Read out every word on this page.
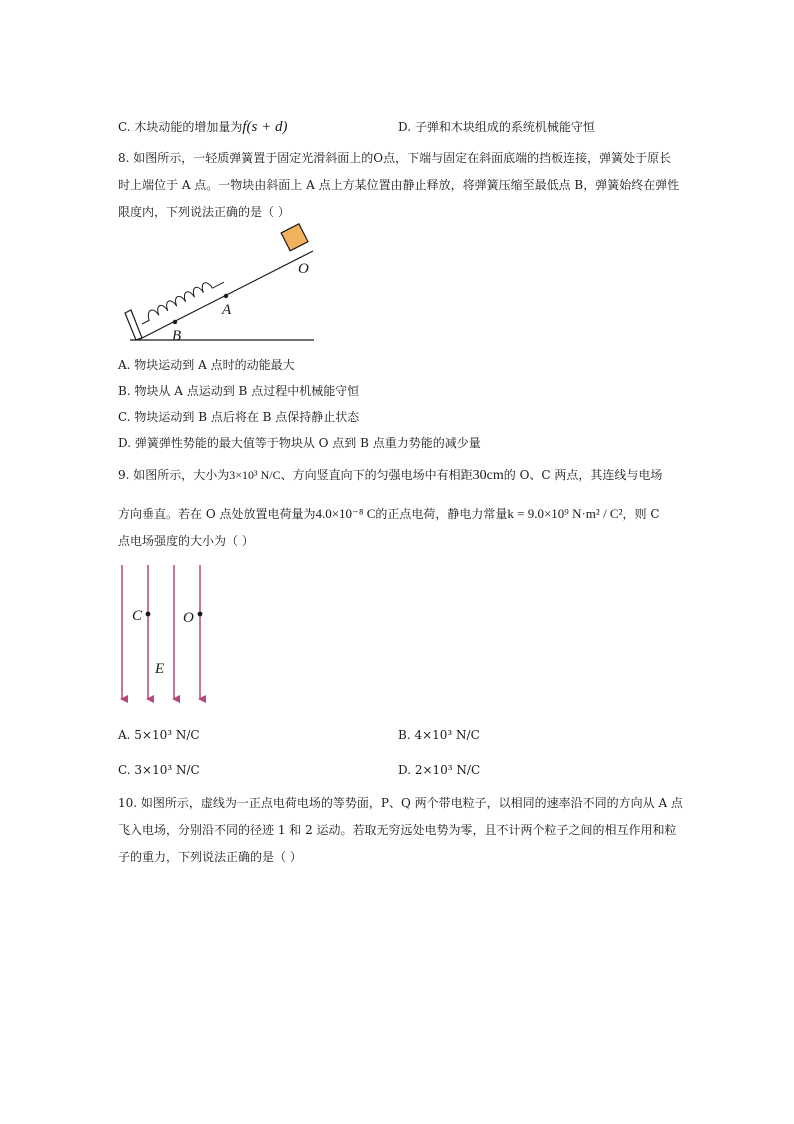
C. 木块动能的增加量为f(s + d)	D. 子弹和木块组成的系统机械能守恒
8. 如图所示，一轻质弹簧置于固定光滑斜面上的O点，下端与固定在斜面底端的挡板连接，弹簧处于原长
时上端位于 A 点。一物块由斜面上 A 点上方某位置由静止释放，将弹簧压缩至最低点 B，弹簧始终在弹性
限度内，下列说法正确的是（ ）
O
A
B
A. 物块运动到 A 点时的动能最大
B. 物块从 A 点运动到 B 点过程中机械能守恒
C. 物块运动到 B 点后将在 B 点保持静止状态
D. 弹簧弹性势能的最大值等于物块从 O 点到 B 点重力势能的减少量
9. 如图所示，大小为3×10³ N/C、方向竖直向下的匀强电场中有相距30cm的 O、C 两点，其连线与电场
方向垂直。若在 O 点处放置电荷量为4.0×10⁻⁸ C的正点电荷，静电力常量k = 9.0×10⁹ N·m² / C²，则 C
点电场强度的大小为（ ）
C	O
E
A. 5×10³ N/C	B. 4×10³ N/C
C. 3×10³ N/C	D. 2×10³ N/C
10. 如图所示，虚线为一正点电荷电场的等势面，P、Q 两个带电粒子，以相同的速率沿不同的方向从 A 点
飞入电场，分别沿不同的径迹 1 和 2 运动。若取无穷远处电势为零，且不计两个粒子之间的相互作用和粒
子的重力，下列说法正确的是（ ）
